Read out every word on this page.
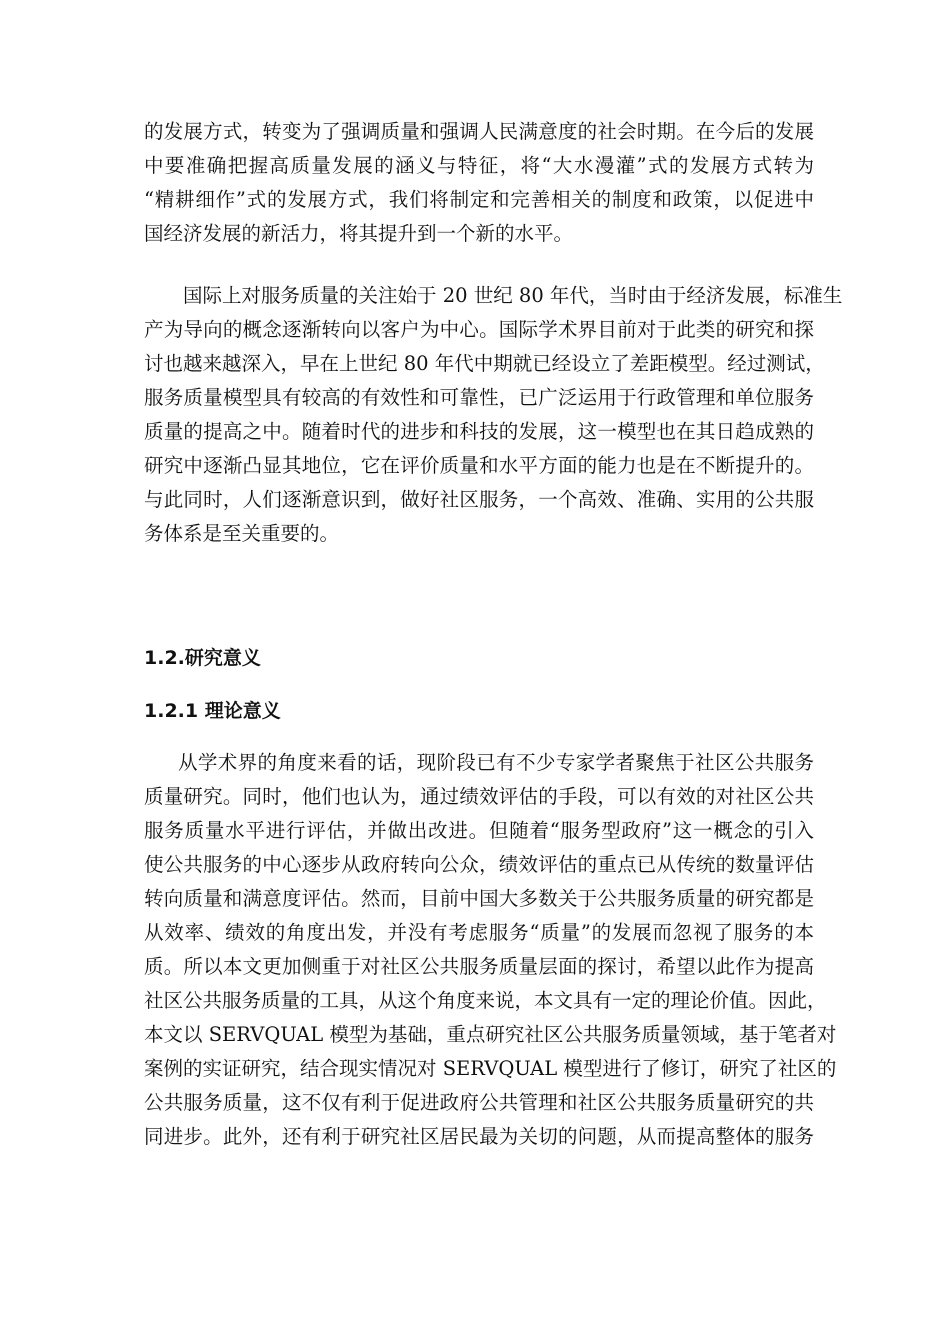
的发展方式，转变为了强调质量和强调人民满意度的社会时期。在今后的发展
中要准确把握高质量发展的涵义与特征，将“大水漫灌”式的发展方式转为
“精耕细作”式的发展方式，我们将制定和完善相关的制度和政策，以促进中
国经济发展的新活力，将其提升到一个新的水平。
国际上对服务质量的关注始于 20 世纪 80 年代，当时由于经济发展，标准生
产为导向的概念逐渐转向以客户为中心。国际学术界目前对于此类的研究和探
讨也越来越深入，早在上世纪 80 年代中期就已经设立了差距模型。经过测试，
服务质量模型具有较高的有效性和可靠性，已广泛运用于行政管理和单位服务
质量的提高之中。随着时代的进步和科技的发展，这一模型也在其日趋成熟的
研究中逐渐凸显其地位，它在评价质量和水平方面的能力也是在不断提升的。
与此同时，人们逐渐意识到，做好社区服务，一个高效、准确、实用的公共服
务体系是至关重要的。
1.2.研究意义
1.2.1 理论意义
从学术界的角度来看的话，现阶段已有不少专家学者聚焦于社区公共服务
质量研究。同时，他们也认为，通过绩效评估的手段，可以有效的对社区公共
服务质量水平进行评估，并做出改进。但随着“服务型政府”这一概念的引入
使公共服务的中心逐步从政府转向公众，绩效评估的重点已从传统的数量评估
转向质量和满意度评估。然而，目前中国大多数关于公共服务质量的研究都是
从效率、绩效的角度出发，并没有考虑服务“质量”的发展而忽视了服务的本
质。所以本文更加侧重于对社区公共服务质量层面的探讨，希望以此作为提高
社区公共服务质量的工具，从这个角度来说，本文具有一定的理论价值。因此，
本文以 SERVQUAL 模型为基础，重点研究社区公共服务质量领域，基于笔者对
案例的实证研究，结合现实情况对 SERVQUAL 模型进行了修订，研究了社区的
公共服务质量，这不仅有利于促进政府公共管理和社区公共服务质量研究的共
同进步。此外，还有利于研究社区居民最为关切的问题，从而提高整体的服务
